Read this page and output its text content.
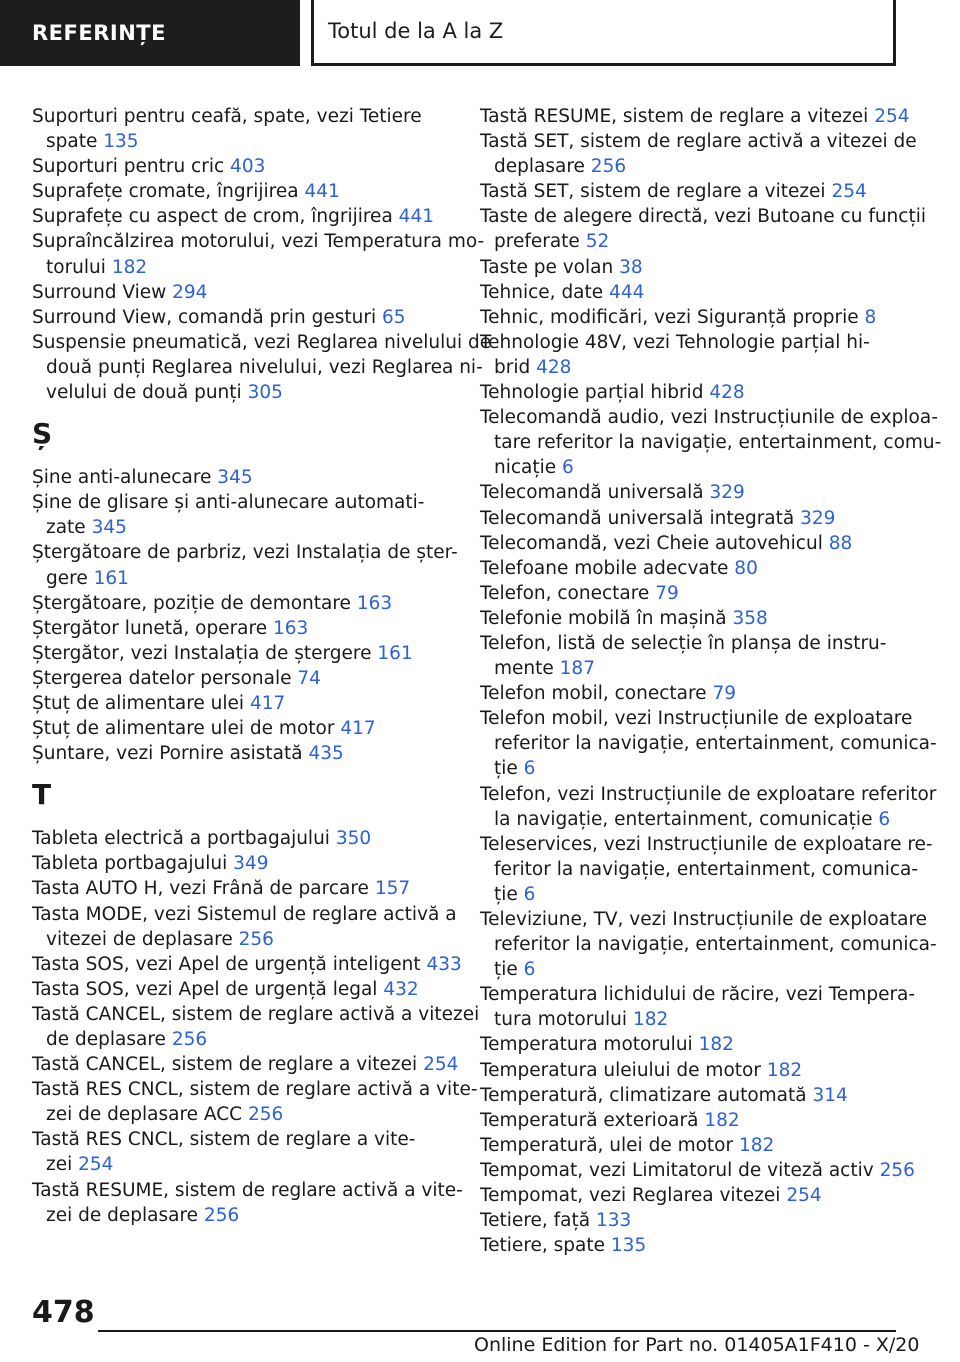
REFERINȚE	Totul de la A la Z
Suporturi pentru ceafă, spate, vezi Tetiere
spate 135
Suporturi pentru cric 403
Suprafețe cromate, îngrijirea 441
Suprafețe cu aspect de crom, îngrijirea 441
Supraîncălzirea motorului, vezi Temperatura mo-
torului 182
Surround View 294
Surround View, comandă prin gesturi 65
Suspensie pneumatică, vezi Reglarea nivelului de
două punți Reglarea nivelului, vezi Reglarea ni-
velului de două punți 305
Ș
Șine anti-alunecare 345
Șine de glisare și anti-alunecare automati-
zate 345
Ștergătoare de parbriz, vezi Instalația de șter-
gere 161
Ștergătoare, poziție de demontare 163
Ștergător lunetă, operare 163
Ștergător, vezi Instalația de ștergere 161
Ștergerea datelor personale 74
Ștuț de alimentare ulei 417
Ștuț de alimentare ulei de motor 417
Șuntare, vezi Pornire asistată 435
T
Tableta electrică a portbagajului 350
Tableta portbagajului 349
Tasta AUTO H, vezi Frână de parcare 157
Tasta MODE, vezi Sistemul de reglare activă a
vitezei de deplasare 256
Tasta SOS, vezi Apel de urgență inteligent 433
Tasta SOS, vezi Apel de urgență legal 432
Tastă CANCEL, sistem de reglare activă a vitezei
de deplasare 256
Tastă CANCEL, sistem de reglare a vitezei 254
Tastă RES CNCL, sistem de reglare activă a vite-
zei de deplasare ACC 256
Tastă RES CNCL, sistem de reglare a vite-
zei 254
Tastă RESUME, sistem de reglare activă a vite-
zei de deplasare 256
Tastă RESUME, sistem de reglare a vitezei 254
Tastă SET, sistem de reglare activă a vitezei de
deplasare 256
Tastă SET, sistem de reglare a vitezei 254
Taste de alegere directă, vezi Butoane cu funcții
preferate 52
Taste pe volan 38
Tehnice, date 444
Tehnic, modificări, vezi Siguranță proprie 8
Tehnologie 48V, vezi Tehnologie parțial hi-
brid 428
Tehnologie parțial hibrid 428
Telecomandă audio, vezi Instrucțiunile de exploa-
tare referitor la navigație, entertainment, comu-
nicație 6
Telecomandă universală 329
Telecomandă universală integrată 329
Telecomandă, vezi Cheie autovehicul 88
Telefoane mobile adecvate 80
Telefon, conectare 79
Telefonie mobilă în mașină 358
Telefon, listă de selecție în planșa de instru-
mente 187
Telefon mobil, conectare 79
Telefon mobil, vezi Instrucțiunile de exploatare
referitor la navigație, entertainment, comunica-
ție 6
Telefon, vezi Instrucțiunile de exploatare referitor
la navigație, entertainment, comunicație 6
Teleservices, vezi Instrucțiunile de exploatare re-
feritor la navigație, entertainment, comunica-
ție 6
Televiziune, TV, vezi Instrucțiunile de exploatare
referitor la navigație, entertainment, comunica-
ție 6
Temperatura lichidului de răcire, vezi Tempera-
tura motorului 182
Temperatura motorului 182
Temperatura uleiului de motor 182
Temperatură, climatizare automată 314
Temperatură exterioară 182
Temperatură, ulei de motor 182
Tempomat, vezi Limitatorul de viteză activ 256
Tempomat, vezi Reglarea vitezei 254
Tetiere, față 133
Tetiere, spate 135
478
Online Edition for Part no. 01405A1F410 - X/20
